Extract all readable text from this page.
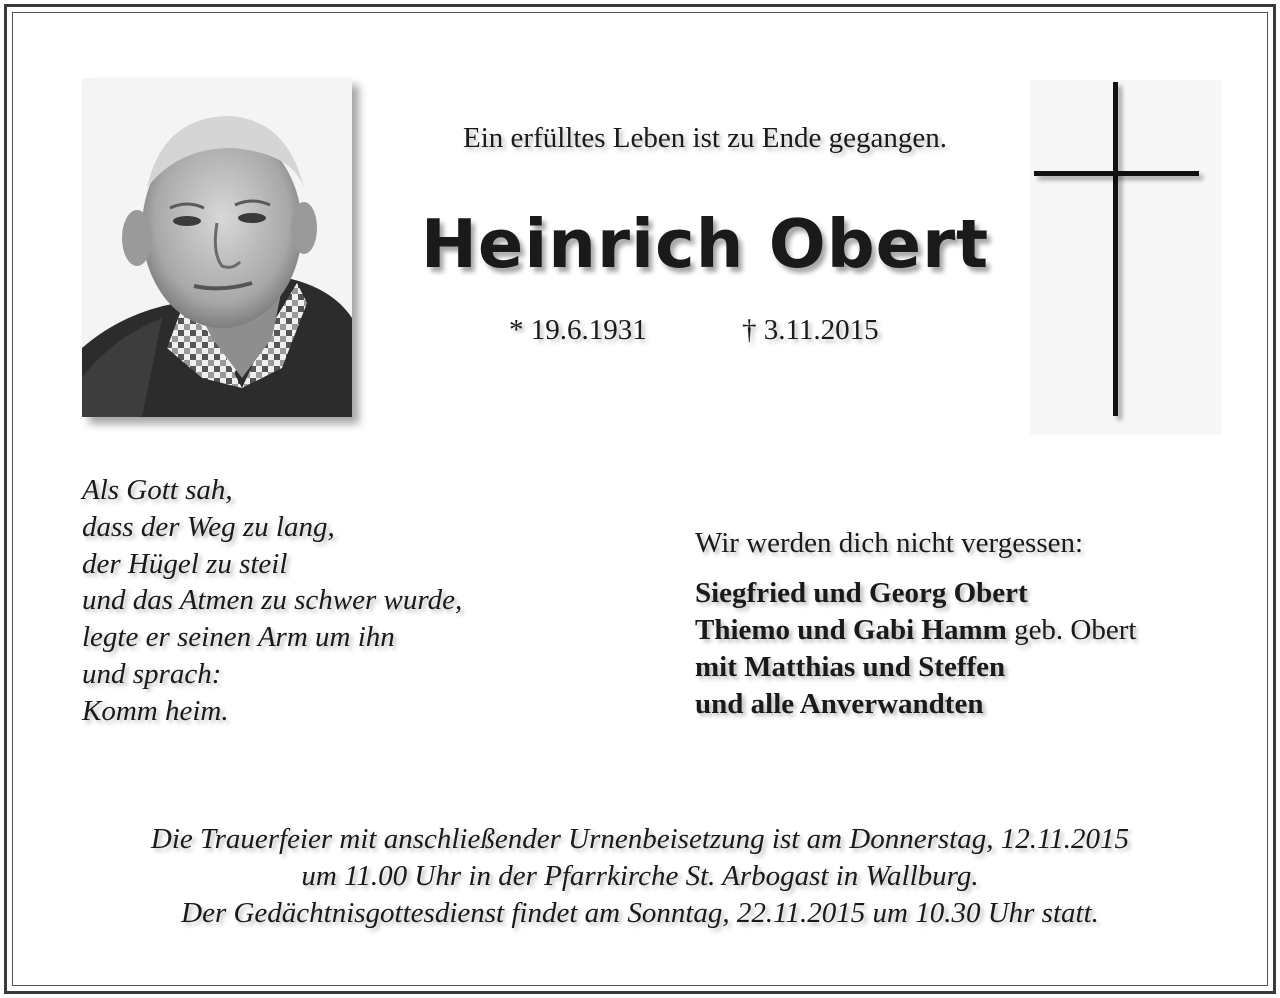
Ein erfülltes Leben ist zu Ende gegangen.
Heinrich Obert
* 19.6.1931	† 3.11.2015
Als Gott sah,
dass der Weg zu lang,
der Hügel zu steil
und das Atmen zu schwer wurde,
legte er seinen Arm um ihn
und sprach:
Komm heim.
Wir werden dich nicht vergessen:
Siegfried und Georg Obert
Thiemo und Gabi Hamm geb. Obert
mit Matthias und Steffen
und alle Anverwandten
Die Trauerfeier mit anschließender Urnenbeisetzung ist am Donnerstag, 12.11.2015
um 11.00 Uhr in der Pfarrkirche St. Arbogast in Wallburg.
Der Gedächtnisgottesdienst findet am Sonntag, 22.11.2015 um 10.30 Uhr statt.
